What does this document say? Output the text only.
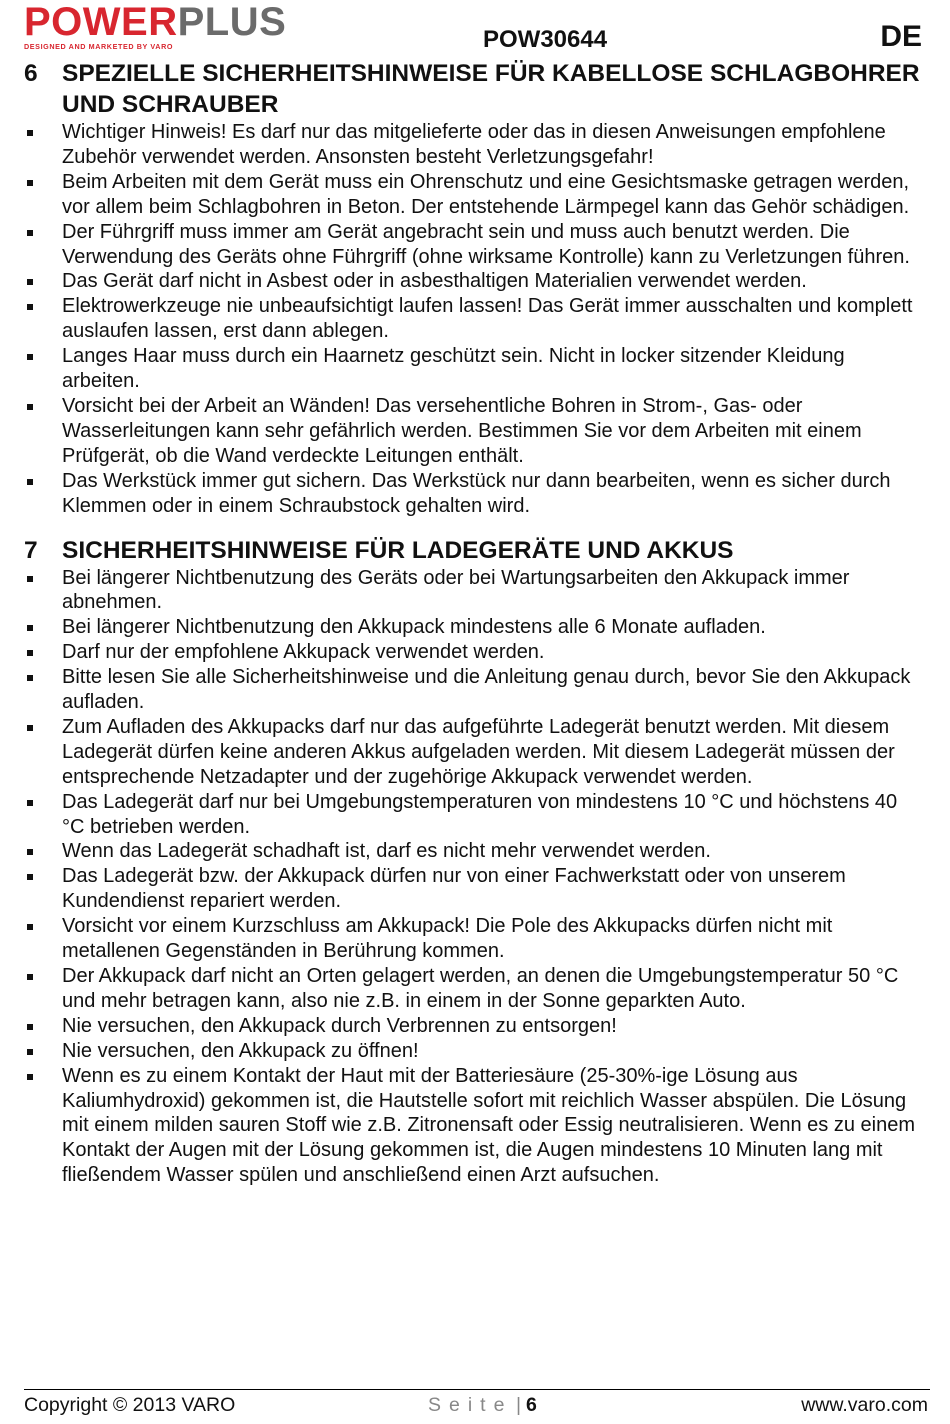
POWERPLUS
DESIGNED AND MARKETED BY VARO	POW30644	DE
6 SPEZIELLE SICHERHEITSHINWEISE FÜR KABELLOSE SCHLAGBOHRER UND SCHRAUBER
Wichtiger Hinweis! Es darf nur das mitgelieferte oder das in diesen Anweisungen empfohlene Zubehör verwendet werden. Ansonsten besteht Verletzungsgefahr!
Beim Arbeiten mit dem Gerät muss ein Ohrenschutz und eine Gesichtsmaske getragen werden, vor allem beim Schlagbohren in Beton. Der entstehende Lärmpegel kann das Gehör schädigen.
Der Führgriff muss immer am Gerät angebracht sein und muss auch benutzt werden. Die Verwendung des Geräts ohne Führgriff (ohne wirksame Kontrolle) kann zu Verletzungen führen.
Das Gerät darf nicht in Asbest oder in asbesthaltigen Materialien verwendet werden.
Elektrowerkzeuge nie unbeaufsichtigt laufen lassen! Das Gerät immer ausschalten und komplett auslaufen lassen, erst dann ablegen.
Langes Haar muss durch ein Haarnetz geschützt sein. Nicht in locker sitzender Kleidung arbeiten.
Vorsicht bei der Arbeit an Wänden! Das versehentliche Bohren in Strom-, Gas- oder Wasserleitungen kann sehr gefährlich werden. Bestimmen Sie vor dem Arbeiten mit einem Prüfgerät, ob die Wand verdeckte Leitungen enthält.
Das Werkstück immer gut sichern. Das Werkstück nur dann bearbeiten, wenn es sicher durch Klemmen oder in einem Schraubstock gehalten wird.
7 SICHERHEITSHINWEISE FÜR LADEGERÄTE UND AKKUS
Bei längerer Nichtbenutzung des Geräts oder bei Wartungsarbeiten den Akkupack immer abnehmen.
Bei längerer Nichtbenutzung den Akkupack mindestens alle 6 Monate aufladen.
Darf nur der empfohlene Akkupack verwendet werden.
Bitte lesen Sie alle Sicherheitshinweise und die Anleitung genau durch, bevor Sie den Akkupack aufladen.
Zum Aufladen des Akkupacks darf nur das aufgeführte Ladegerät benutzt werden. Mit diesem Ladegerät dürfen keine anderen Akkus aufgeladen werden. Mit diesem Ladegerät müssen der entsprechende Netzadapter und der zugehörige Akkupack verwendet werden.
Das Ladegerät darf nur bei Umgebungstemperaturen von mindestens 10 °C und höchstens 40 °C betrieben werden.
Wenn das Ladegerät schadhaft ist, darf es nicht mehr verwendet werden.
Das Ladegerät bzw. der Akkupack dürfen nur von einer Fachwerkstatt oder von unserem Kundendienst repariert werden.
Vorsicht vor einem Kurzschluss am Akkupack! Die Pole des Akkupacks dürfen nicht mit metallenen Gegenständen in Berührung kommen.
Der Akkupack darf nicht an Orten gelagert werden, an denen die Umgebungstemperatur 50 °C und mehr betragen kann, also nie z.B. in einem in der Sonne geparkten Auto.
Nie versuchen, den Akkupack durch Verbrennen zu entsorgen!
Nie versuchen, den Akkupack zu öffnen!
Wenn es zu einem Kontakt der Haut mit der Batteriesäure (25-30%-ige Lösung aus Kaliumhydroxid) gekommen ist, die Hautstelle sofort mit reichlich Wasser abspülen. Die Lösung mit einem milden sauren Stoff wie z.B. Zitronensaft oder Essig neutralisieren. Wenn es zu einem Kontakt der Augen mit der Lösung gekommen ist, die Augen mindestens 10 Minuten lang mit fließendem Wasser spülen und anschließend einen Arzt aufsuchen.
Copyright © 2013 VARO	Seite | 6	www.varo.com
